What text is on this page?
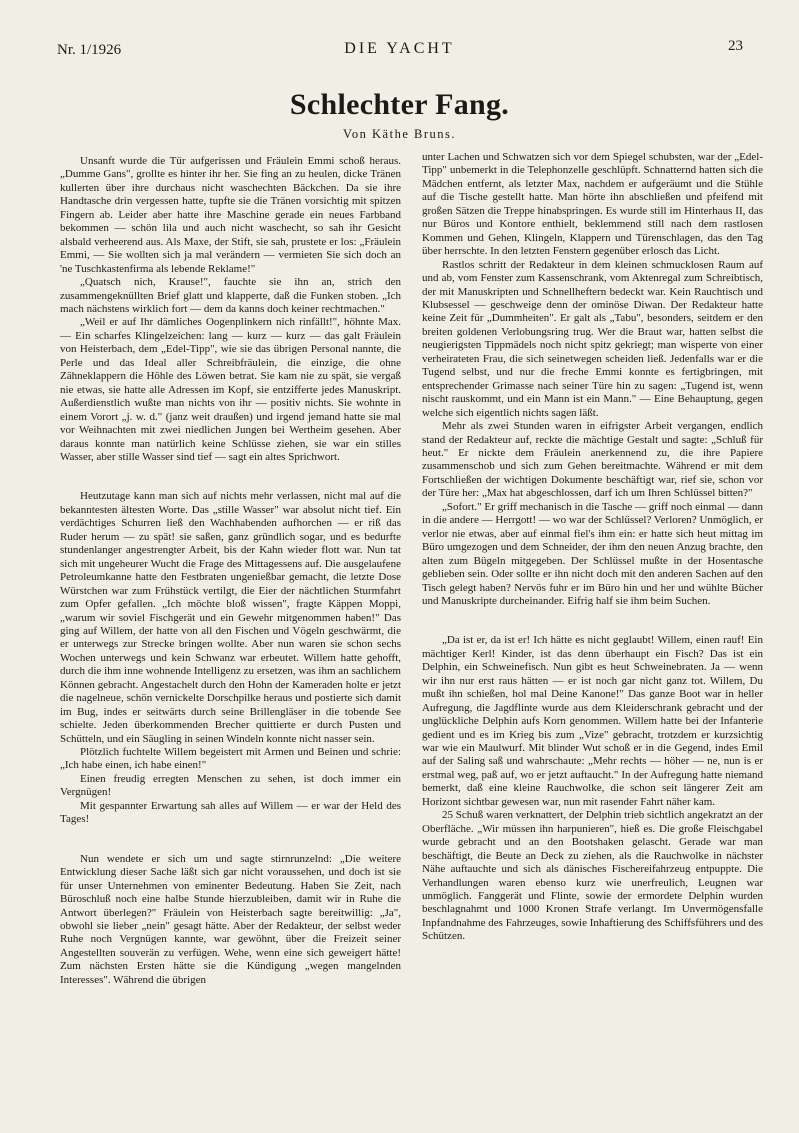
Nr. 1/1926	DIE YACHT	23
Schlechter Fang.
Von Käthe Bruns.

Unsanft wurde die Tür aufgerissen und Fräulein Emmi schoß heraus. „Dumme Gans", grollte es hinter ihr her. Sie fing an zu heulen, dicke Tränen kullerten über ihre durchaus nicht waschechten Bäckchen. Da sie ihre Handtasche drin vergessen hatte, tupfte sie die Tränen vorsichtig mit spitzen Fingern ab. Leider aber hatte ihre Maschine gerade ein neues Farbband bekommen — schön lila und auch nicht waschecht, so sah ihr Gesicht alsbald verheerend aus. Als Maxe, der Stift, sie sah, prustete er los: „Fräulein Emmi, — Sie wollten sich ja mal verändern — vermieten Sie sich doch an 'ne Tuschkastenfirma als lebende Reklame!"

„Quatsch nich, Krause!", fauchte sie ihn an, strich den zusammengeknüllten Brief glatt und klapperte, daß die Funken stoben. „Ich mach nächstens wirklich fort — dem da kanns doch keiner rechtmachen."

„Weil er auf Ihr dämliches Oogenplinkern nich rinfällt!", höhnte Max. — Ein scharfes Klingelzeichen: lang — kurz — kurz — das galt Fräulein von Heisterbach, dem „Edel-Tipp", wie sie das übrigen Personal nannte, die Perle und das Ideal aller Schreibfräulein, die einzige, die ohne Zähneklappern die Höhle des Löwen betrat. Sie kam nie zu spät, sie vergaß nie etwas, sie hatte alle Adressen im Kopf, sie entzifferte jedes Manuskript. Außerdienstlich wußte man nichts von ihr — positiv nichts. Sie wohnte in einem Vorort „j. w. d." (janz weit draußen) und irgend jemand hatte sie mal vor Weihnachten mit zwei niedlichen Jungen bei Wertheim gesehen. Aber daraus konnte man natürlich keine Schlüsse ziehen, sie war ein stilles Wasser, aber stille Wasser sind tief — sagt ein altes Sprichwort.

Heutzutage kann man sich auf nichts mehr verlassen, nicht mal auf die bekanntesten ältesten Worte. Das „stille Wasser" war absolut nicht tief. Ein verdächtiges Schurren ließ den Wachhabenden aufhorchen — er riß das Ruder herum — zu spät! sie saßen, ganz gründlich sogar, und es bedurfte stundenlanger angestrengter Arbeit, bis der Kahn wieder flott war. Nun tat sich mit ungeheurer Wucht die Frage des Mittagessens auf. Die ausgelaufene Petroleumkanne hatte den Festbraten ungenießbar gemacht, die letzte Dose Würstchen war zum Frühstück vertilgt, die Eier der nächtlichen Sturmfahrt zum Opfer gefallen. „Ich möchte bloß wissen", fragte Käppen Moppi, „warum wir soviel Fischgerät und ein Gewehr mitgenommen haben!" Das ging auf Willem, der hatte von all den Fischen und Vögeln geschwärmt, die er unterwegs zur Strecke bringen wollte. Aber nun waren sie schon sechs Wochen unterwegs und kein Schwanz war erbeutet. Willem hatte gehofft, durch die ihm inne wohnende Intelligenz zu ersetzen, was ihm an sachlichem Können gebracht. Angestachelt durch den Hohn der Kameraden holte er jetzt die nagelneue, schön vernickelte Dorschpilke heraus und postierte sich damit im Bug, indes er seitwärts durch seine Brillengläser in die tobende See schielte. Jeden überkommenden Brecher quittierte er durch Pusten und Schütteln, und ein Säugling in seinen Windeln konnte nicht nasser sein.

Plötzlich fuchtelte Willem begeistert mit Armen und Beinen und schrie: „Ich habe einen, ich habe einen!"

Einen freudig erregten Menschen zu sehen, ist doch immer ein Vergnügen!

Mit gespannter Erwartung sah alles auf Willem — er war der Held des Tages!

Nun wendete er sich um und sagte stirnrunzelnd: „Die weitere Entwicklung dieser Sache läßt sich gar nicht voraussehen, und doch ist sie für unser Unternehmen von eminenter Bedeutung. Haben Sie Zeit, nach Büroschluß noch eine halbe Stunde hierzubleiben, damit wir in Ruhe die Antwort überlegen?" Fräulein von Heisterbach sagte bereitwillig: „Ja", obwohl sie lieber „nein" gesagt hätte. Aber der Redakteur, der selbst weder Ruhe noch Vergnügen kannte, war gewöhnt, über die Freizeit seiner Angestellten souverän zu verfügen. Wehe, wenn eine sich geweigert hätte! Zum nächsten Ersten hätte sie die Kündigung „wegen mangelnden Interesses". Während die übrigen

unter Lachen und Schwatzen sich vor dem Spiegel schubsten, war der „Edel-Tipp" unbemerkt in die Telephonzelle geschlüpft. Schnatternd hatten sich die Mädchen entfernt, als letzter Max, nachdem er aufgeräumt und die Stühle auf die Tische gestellt hatte. Man hörte ihn abschließen und pfeifend mit großen Sätzen die Treppe hinabspringen. Es wurde still im Hinterhaus II, das nur Büros und Kontore enthielt, beklemmend still nach dem rastlosen Kommen und Gehen, Klingeln, Klappern und Türenschlagen, das den Tag über herrschte. In den letzten Fenstern gegenüber erlosch das Licht.

Rastlos schritt der Redakteur in dem kleinen schmucklosen Raum auf und ab, vom Fenster zum Kassenschrank, vom Aktenregal zum Schreibtisch, der mit Manuskripten und Schnellheftern bedeckt war. Kein Rauchtisch und Klubsessel — geschweige denn der ominöse Diwan. Der Redakteur hatte keine Zeit für „Dummheiten". Er galt als „Tabu", besonders, seitdem er den breiten goldenen Verlobungsring trug. Wer die Braut war, hatten selbst die neugierigsten Tippmädels noch nicht spitz gekriegt; man wisperte von einer verheirateten Frau, die sich seinetwegen scheiden ließ. Jedenfalls war er die Tugend selbst, und nur die freche Emmi konnte es fertigbringen, mit entsprechender Grimasse nach seiner Türe hin zu sagen: „Tugend ist, wenn nischt rauskommt, und ein Mann ist ein Mann." — Eine Behauptung, gegen welche sich eigentlich nichts sagen läßt.

Mehr als zwei Stunden waren in eifrigster Arbeit vergangen, endlich stand der Redakteur auf, reckte die mächtige Gestalt und sagte: „Schluß für heut." Er nickte dem Fräulein anerkennend zu, die ihre Papiere zusammenschob und sich zum Gehen bereitmachte. Während er mit dem Fortschließen der wichtigen Dokumente beschäftigt war, rief sie, schon vor der Türe her: „Max hat abgeschlossen, darf ich um Ihren Schlüssel bitten?"

„Sofort." Er griff mechanisch in die Tasche — griff noch einmal — dann in die andere — Herrgott! — wo war der Schlüssel? Verloren? Unmöglich, er verlor nie etwas, aber auf einmal fiel's ihm ein: er hatte sich heut mittag im Büro umgezogen und dem Schneider, der ihm den neuen Anzug brachte, den alten zum Bügeln mitgegeben. Der Schlüssel mußte in der Hosentasche geblieben sein. Oder sollte er ihn nicht doch mit den anderen Sachen auf den Tisch gelegt haben? Nervös fuhr er im Büro hin und her und wühlte Bücher und Manuskripte durcheinander. Eifrig half sie ihm beim Suchen.

„Da ist er, da ist er! Ich hätte es nicht geglaubt! Willem, einen rauf! Ein mächtiger Kerl! Kinder, ist das denn überhaupt ein Fisch? Das ist ein Delphin, ein Schweinefisch. Nun gibt es heut Schweinebraten. Ja — wenn wir ihn nur erst raus hätten — er ist noch gar nicht ganz tot. Willem, Du mußt ihn schießen, hol mal Deine Kanone!" Das ganze Boot war in heller Aufregung, die Jagdflinte wurde aus dem Kleiderschrank gebracht und der unglückliche Delphin aufs Korn genommen. Willem hatte bei der Infanterie gedient und es im Krieg bis zum „Vize" gebracht, trotzdem er kurzsichtig war wie ein Maulwurf. Mit blinder Wut schoß er in die Gegend, indes Emil auf der Saling saß und wahrschaute: „Mehr rechts — höher — ne, nun is er erstmal weg, paß auf, wo er jetzt auftaucht." In der Aufregung hatte niemand bemerkt, daß eine kleine Rauchwolke, die schon seit längerer Zeit am Horizont sichtbar gewesen war, nun mit rasender Fahrt näher kam.

25 Schuß waren verknattert, der Delphin trieb sichtlich angekratzt an der Oberfläche. „Wir müssen ihn harpunieren", hieß es. Die große Fleischgabel wurde gebracht und an den Bootshaken gelascht. Gerade war man beschäftigt, die Beute an Deck zu ziehen, als die Rauchwolke in nächster Nähe auftauchte und sich als dänisches Fischereifahrzeug entpuppte. Die Verhandlungen waren ebenso kurz wie unerfreulich, Leugnen war unmöglich. Fanggerät und Flinte, sowie der ermordete Delphin wurden beschlagnahmt und 1000 Kronen Strafe verlangt. Im Unvermögensfalle Inpfandnahme des Fahrzeuges, sowie Inhaftierung des Schiffsführers und des Schützen.
